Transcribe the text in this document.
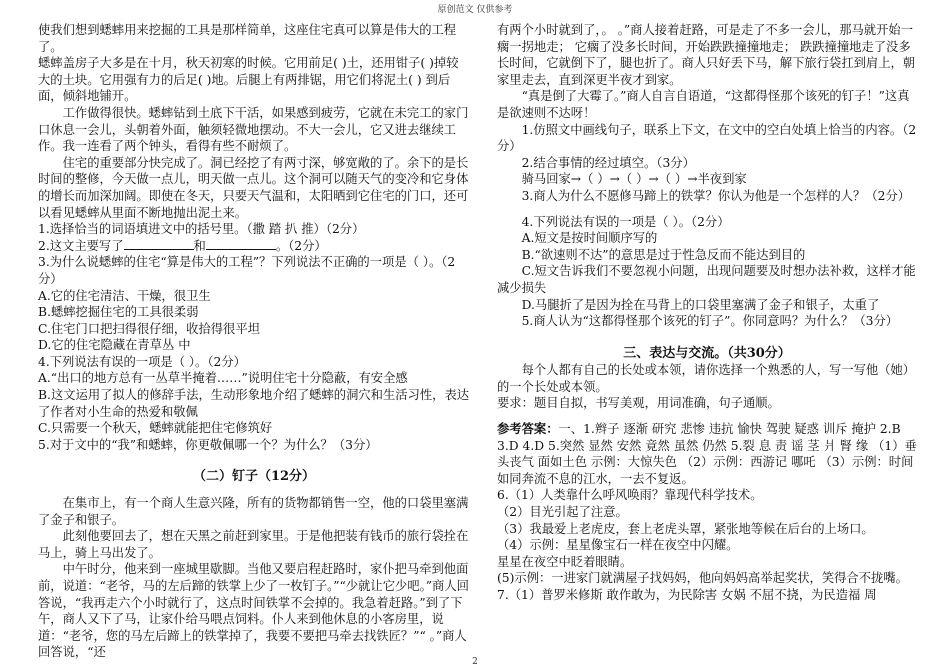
原创范文 仅供参考

使我们想到蟋蟀用来挖掘的工具是那样简单，这座住宅真可以算是伟大的工程了。

蟋蟀盖房子大多是在十月，秋天初寒的时候。它用前足( )土，还用钳子( )掉较大的土块。它用强有力的后足( )地。后腿上有两排锯，用它们将泥土( ) 到后面，倾斜地铺开。

工作做得很快。蟋蟀钻到土底下干活，如果感到疲劳，它就在未完工的家门口休息一会儿，头朝着外面，触须轻微地摆动。不大一会儿，它又进去继续工作。我一连看了两个钟头，看得有些不耐烦了。

住宅的重要部分快完成了。洞已经挖了有两寸深，够宽敞的了。余下的是长时间的整修，今天做一点儿，明天做一点儿。这个洞可以随天气的变冷和它身体的增长而加深加阔。即使在冬天，只要天气温和，太阳晒到它住宅的门口，还可以看见蟋蟀从里面不断地抛出泥土来。

1.选择恰当的词语填进文中的括号里。（撒 踏 扒 推）（2分）

2.这文主要写了	和	。（2分）

3.为什么说蟋蟀的住宅“算是伟大的工程”？下列说法不正确的一项是（ ）。（2分）

A.它的住宅清洁、干燥，很卫生

B.蟋蟀挖掘住宅的工具很柔弱

C.住宅门口把扫得很仔细，收拾得很平坦

D.它的住宅隐藏在青草丛 中

4.下列说法有误的一项是（ ）。（2分）

A.“出口的地方总有一丛草半掩着……”说明住宅十分隐蔽，有安全感

B.这文运用了拟人的修辞手法，生动形象地介绍了蟋蟀的洞穴和生活习性，表达了作者对小生命的热爱和敬佩

C.只需要一个秋天，蟋蟀就能把住宅修筑好

5.对于文中的“我”和蟋蟀，你更敬佩哪一个？为什么？（3分）

（二）钉子（12分）

在集市上，有一个商人生意兴隆，所有的货物都销售一空，他的口袋里塞满了金子和银子。

此刻他要回去了，想在天黑之前赶到家里。于是他把装有钱币的旅行袋拴在马上，骑上马出发了。

中午时分，他来到一座城里歇脚。当他又要启程赶路时，家仆把马牵到他面前，说道：“老爷，马的左后蹄的铁掌上少了一枚钉子。”“少就让它少吧。”商人回答说，“我再走六个小时就行了，这点时间铁掌不会掉的。我急着赶路。”到了下午，商人又下了马，让家仆给马喂点饲料。仆人来到他休息的小客房里，说道：“老爷，您的马左后蹄上的铁掌掉了，我要不要把马牵去找铁匠？”“ 。”商人回答说，“还

有两个小时就到了，。 。”商人接着赶路，可是走了不多一会儿，那马就开始一瘸一拐地走； 它瘸了没多长时间，开始跌跌撞撞地走； 跌跌撞撞地走了没多长时间，它就倒下了，腿也折了。商人只好丢下马，解下旅行袋扛到肩上，朝家里走去，直到深更半夜才到家。

“真是倒了大霉了。”商人自言自语道，“这都得怪那个该死的钉子！”这真是欲速则不达呀！

1.仿照文中画线句子，联系上下文，在文中的空白处填上恰当的内容。（2分）

2.结合事情的经过填空。（3分）

骑马回家→（ ）→（ ）→（ ）→半夜到家

3.商人为什么不愿修马蹄上的铁掌？你认为他是一个怎样的人？（2分）

4.下列说法有误的一项是（ ）。（2分）

A.短文是按时间顺序写的

B.“欲速则不达”的意思是过于性急反而不能达到目的

C.短文告诉我们不要忽视小问题，出现问题要及时想办法补救，这样才能减少损失

D.马腿折了是因为拴在马背上的口袋里塞满了金子和银子，太重了

5.商人认为“这都得怪那个该死的钉子”。你同意吗？为什么？（3分）

三、表达与交流。（共30分）

每个人都有自己的长处或本领，请你选择一个熟悉的人，写一写他（她）的一个长处或本领。

要求：题目自拟，书写美观，用词准确，句子通顺。

参考答案：一、1.辫子 逐渐 研究 悲惨 违抗 愉快 驾驶 疑惑 训斥 掩护 2.B 3.D 4.D 5.突然 显然 安然 竟然 虽然 仍然 5.裂 息 责 谣 茎 爿 腎 缘 （1）垂头丧气 面如土色 示例：大惊失色 （2）示例：西游记 哪吒 （3）示例：时间如同奔流不息的江水，一去不复返。

6.（1）人类靠什么呼风唤雨？靠现代科学技术。

（2）目光引起了注意。

（3）我最爱上老虎皮，套上老虎头罩，紧张地等候在后台的上场口。

（4）示例：星星像宝石一样在夜空中闪耀。

星星在夜空中眨着眼睛。

(5)示例：一进家门就满屋子找妈妈，他向妈妈高举起奖状，笑得合不拢嘴。

7.（1）普罗米修斯 敢作敢为，为民除害 女娲 不屈不挠，为民造福 周

2
